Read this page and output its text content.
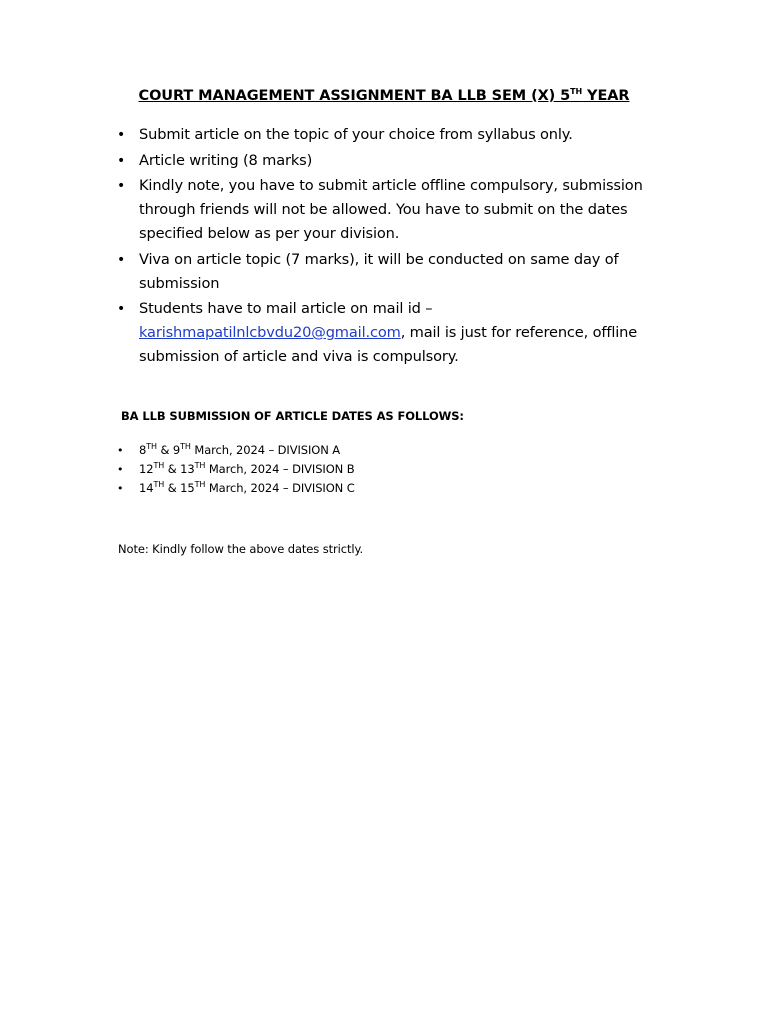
COURT MANAGEMENT ASSIGNMENT BA LLB SEM (X) 5TH YEAR
• Submit article on the topic of your choice from syllabus only.
• Article writing (8 marks)
• Kindly note, you have to submit article offline compulsory, submission through friends will not be allowed. You have to submit on the dates specified below as per your division.
• Viva on article topic (7 marks), it will be conducted on same day of submission
• Students have to mail article on mail id –
karishmapatilnlcbvdu20@gmail.com, mail is just for reference, offline submission of article and viva is compulsory.
BA LLB SUBMISSION OF ARTICLE DATES AS FOLLOWS:
• 8TH & 9TH March, 2024 – DIVISION A
• 12TH & 13TH March, 2024 – DIVISION B
• 14TH & 15TH March, 2024 – DIVISION C
Note: Kindly follow the above dates strictly.
